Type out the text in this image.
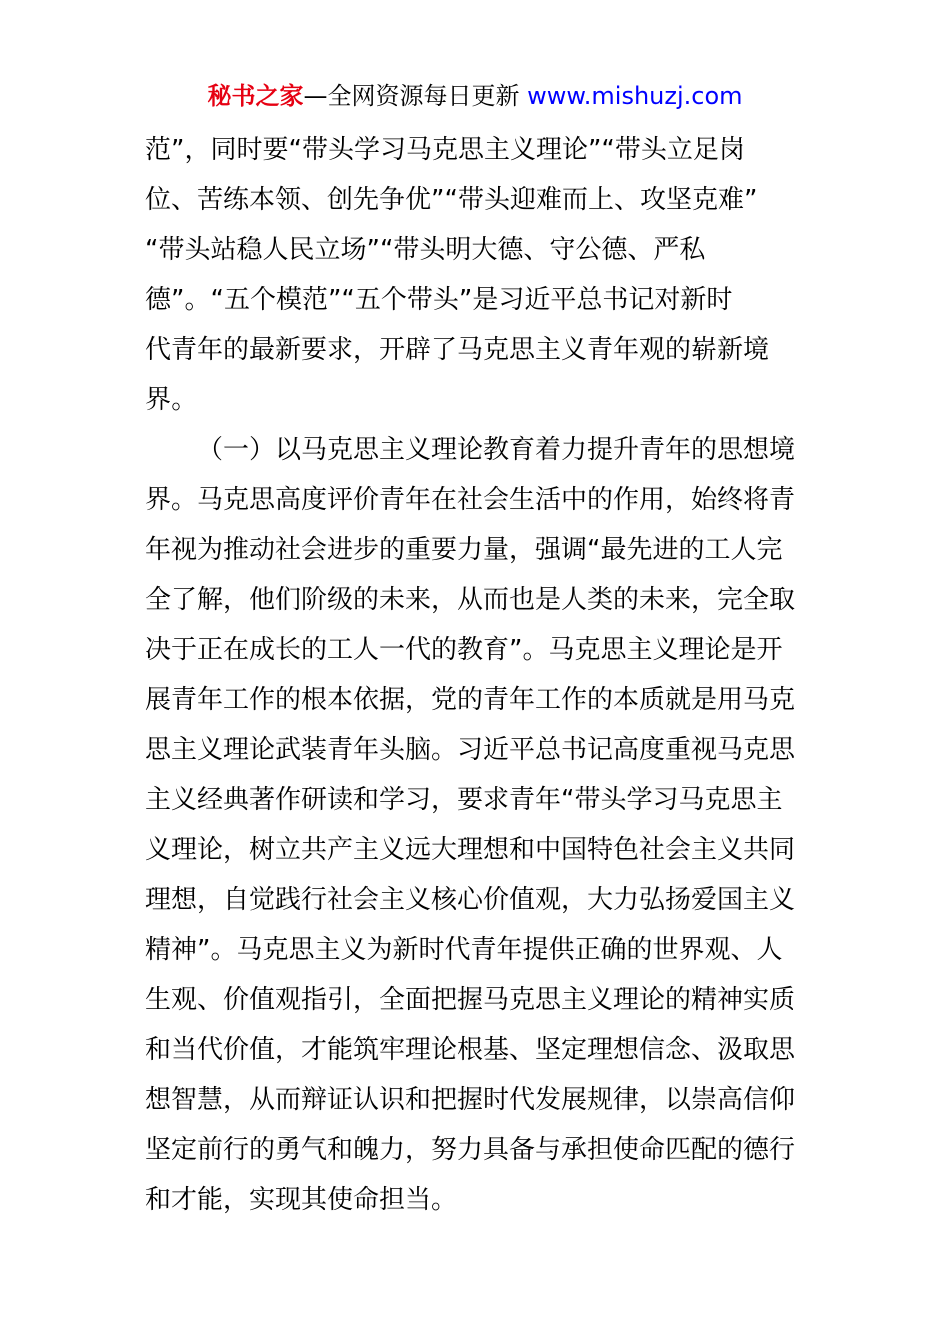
秘书之家—全网资源每日更新 www.mishuzj.com
范”，同时要“带头学习马克思主义理论”“带头立足岗
位、苦练本领、创先争优”“带头迎难而上、攻坚克难”
“带头站稳人民立场”“带头明大德、守公德、严私
德”。“五个模范”“五个带头”是习近平总书记对新时
代青年的最新要求，开辟了马克思主义青年观的崭新境
界。
（一）以马克思主义理论教育着力提升青年的思想境
界。马克思高度评价青年在社会生活中的作用，始终将青
年视为推动社会进步的重要力量，强调“最先进的工人完
全了解，他们阶级的未来，从而也是人类的未来，完全取
决于正在成长的工人一代的教育”。马克思主义理论是开
展青年工作的根本依据，党的青年工作的本质就是用马克
思主义理论武装青年头脑。习近平总书记高度重视马克思
主义经典著作研读和学习，要求青年“带头学习马克思主
义理论，树立共产主义远大理想和中国特色社会主义共同
理想，自觉践行社会主义核心价值观，大力弘扬爱国主义
精神”。马克思主义为新时代青年提供正确的世界观、人
生观、价值观指引，全面把握马克思主义理论的精神实质
和当代价值，才能筑牢理论根基、坚定理想信念、汲取思
想智慧，从而辩证认识和把握时代发展规律，以崇高信仰
坚定前行的勇气和魄力，努力具备与承担使命匹配的德行
和才能，实现其使命担当。
